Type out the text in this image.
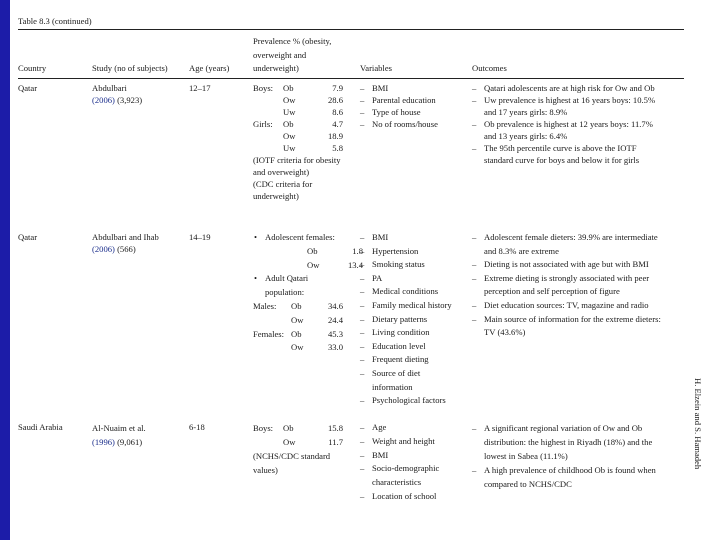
Table 8.3 (continued)
Country	Study (no of subjects) Age (years)
Prevalence % (obesity,
overweight and
underweight)	Variables	Outcomes
Qatar	Abdulbari
(2006) (3,923)
12–17	Boys:	Ob	7.9
Ow	28.6
Uw	8.6
Girls:	Ob	4.7
Ow	18.9
Uw	5.8
(IOTF criteria for obesity
and overweight)
(CDC criteria for
underweight)
– BMI
– Parental education
– Type of house
– No of rooms/house
– Qatari adolescents are at high risk for Ow and Ob
– Uw prevalence is highest at 16 years boys: 10.5%
and 17 years girls: 8.9%
– Ob prevalence is highest at 12 years boys: 11.7%
and 13 years girls: 6.4%
– The 95th percentile curve is above the IOTF
standard curve for boys and below it for girls
Qatar	Abdulbari and Ihab
(2006) (566)
14–19
•	Adolescent females:
Ob	1.8
Ow	13.4
• Adult Qatari
population:
Males:	Ob	34.6
Ow	24.4
Females: Ob	45.3
Ow	33.0
– BMI
– Hypertension
– Smoking status
– PA
– Medical conditions
– Family medical history
– Dietary patterns
– Living condition
– Education level
– Frequent dieting
– Source of diet
information
– Psychological factors
– Adolescent female dieters: 39.9% are intermediate
and 8.3% are extreme
– Dieting is not associated with age but with BMI
– Extreme dieting is strongly associated with peer
perception and self perception of figure
– Diet education sources: TV, magazine and radio
– Main source of information for the extreme dieters:
TV (43.6%)
Saudi Arabia	Al-Nuaim et al.
(1996) (9,061)
6-18	Boys:	Ob	15.8
Ow	11.7
(NCHS/CDC standard
values)
– Age
– Weight and height
– BMI
– Socio-demographic
characteristics
– Location of school
– A significant regional variation of Ow and Ob
distribution: the highest in Riyadh (18%) and the
lowest in Sabea (11.1%)
– A high prevalence of childhood Ob is found when
compared to NCHS/CDC
H. Elzein and S. Hamadeh
